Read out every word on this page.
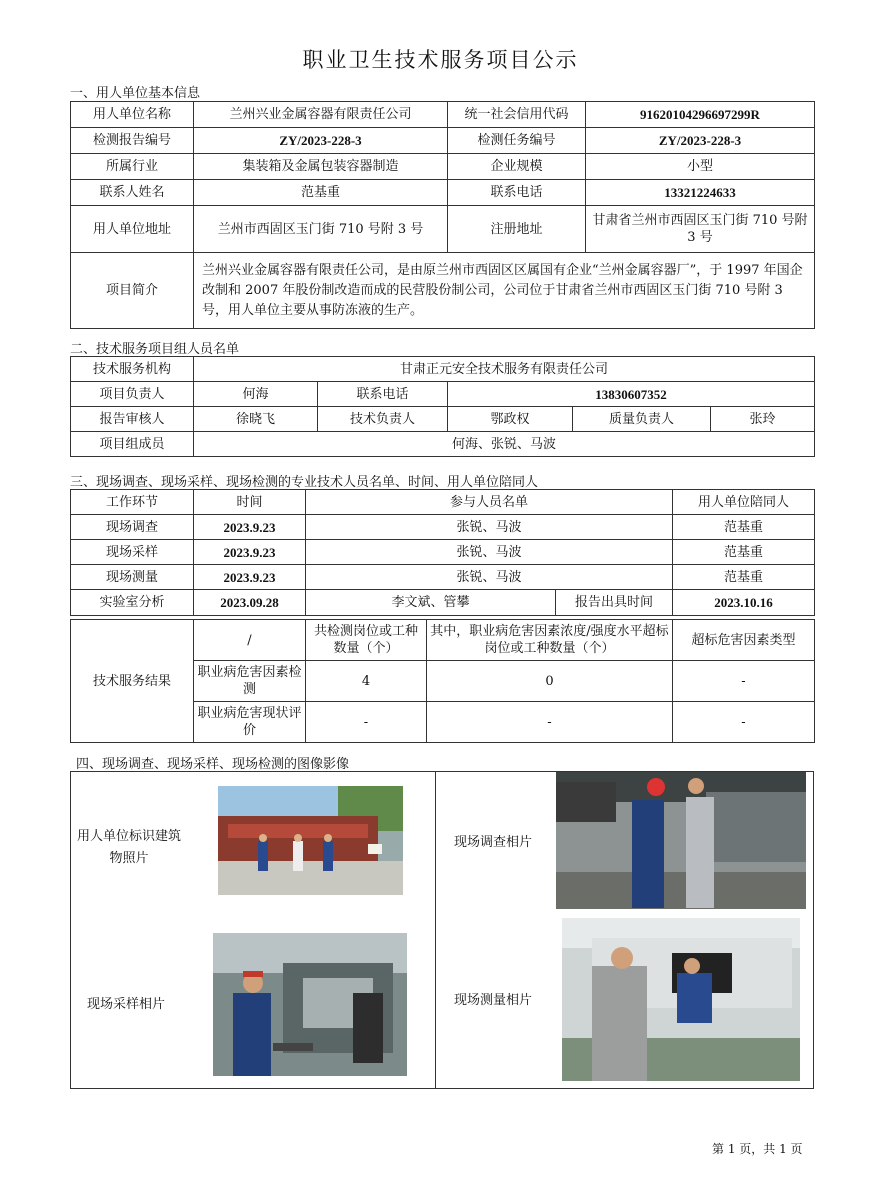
职业卫生技术服务项目公示
一、用人单位基本信息
用人单位名称	兰州兴业金属容器有限责任公司	统一社会信用代码	91620104296697299R
检测报告编号	ZY/2023-228-3	检测任务编号	ZY/2023-228-3
所属行业	集装箱及金属包装容器制造	企业规模	小型
联系人姓名	范基重	联系电话	13321224633
用人单位地址	兰州市西固区玉门街 710 号附 3 号	注册地址	甘肃省兰州市西固区玉门街 710 号附 3 号
项目简介	兰州兴业金属容器有限责任公司，是由原兰州市西固区区属国有企业“兰州金属容器厂”，于 1997 年国企改制和 2007 年股份制改造而成的民营股份制公司，公司位于甘肃省兰州市西固区玉门街 710 号附 3 号，用人单位主要从事防冻液的生产。		
二、技术服务项目组人员名单
技术服务机构	甘肃正元安全技术服务有限责任公司				
项目负责人	何海	联系电话	13830607352		
报告审核人	徐晓飞	技术负责人	鄂政权	质量负责人	张玲
项目组成员	何海、张锐、马波				
三、现场调查、现场采样、现场检测的专业技术人员名单、时间、用人单位陪同人
工作环节	时间	参与人员名单		用人单位陪同人
现场调查	2023.9.23	张锐、马波		范基重
现场采样	2023.9.23	张锐、马波		范基重
现场测量	2023.9.23	张锐、马波		范基重
实验室分析	2023.09.28	李文斌、管攀	报告出具时间	2023.10.16
技术服务结果	/	共检测岗位或工种数量（个）	其中，职业病危害因素浓度/强度水平超标岗位或工种数量（个）	超标危害因素类型
	职业病危害因素检测	4	0	-
	职业病危害现状评价	-	-	-
四、现场调查、现场采样、现场检测的图像影像
用人单位标识建筑物照片
现场采样相片
现场调查相片
现场测量相片
第 1 页，共 1 页
